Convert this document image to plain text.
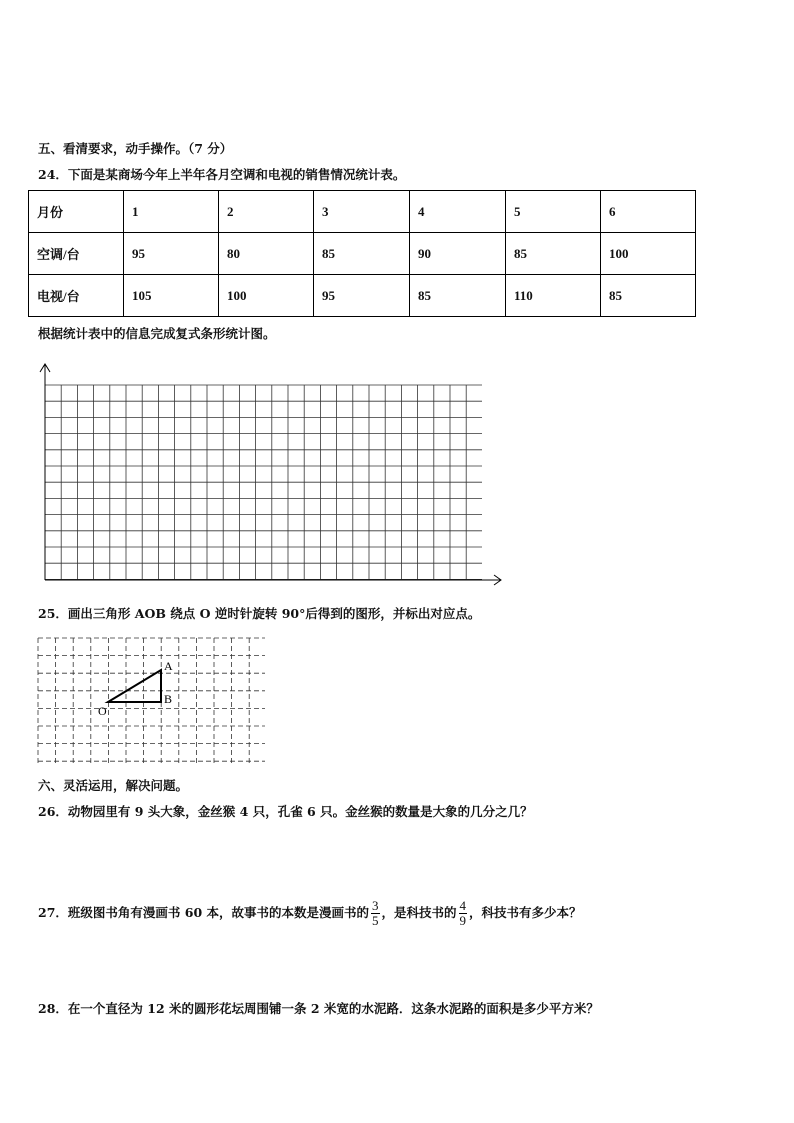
五、看清要求，动手操作。（7 分）
24．下面是某商场今年上半年各月空调和电视的销售情况统计表。
月份	1	2	3	4	5	6
空调/台	95	80	85	90	85	100
电视/台	105	100	95	85	110	85
根据统计表中的信息完成复式条形统计图。
25．画出三角形 AOB 绕点 O 逆时针旋转 90°后得到的图形，并标出对应点。
A
B
O
六、灵活运用，解决问题。
26．动物园里有 9 头大象，金丝猴 4 只，孔雀 6 只。金丝猴的数量是大象的几分之几？
27．班级图书角有漫画书 60 本，故事书的本数是漫画书的 $\frac{3}{5}$ ，是科技书的 $\frac{4}{9}$ ，科技书有多少本？
28．在一个直径为 12 米的圆形花坛周围铺一条 2 米宽的水泥路．这条水泥路的面积是多少平方米？
